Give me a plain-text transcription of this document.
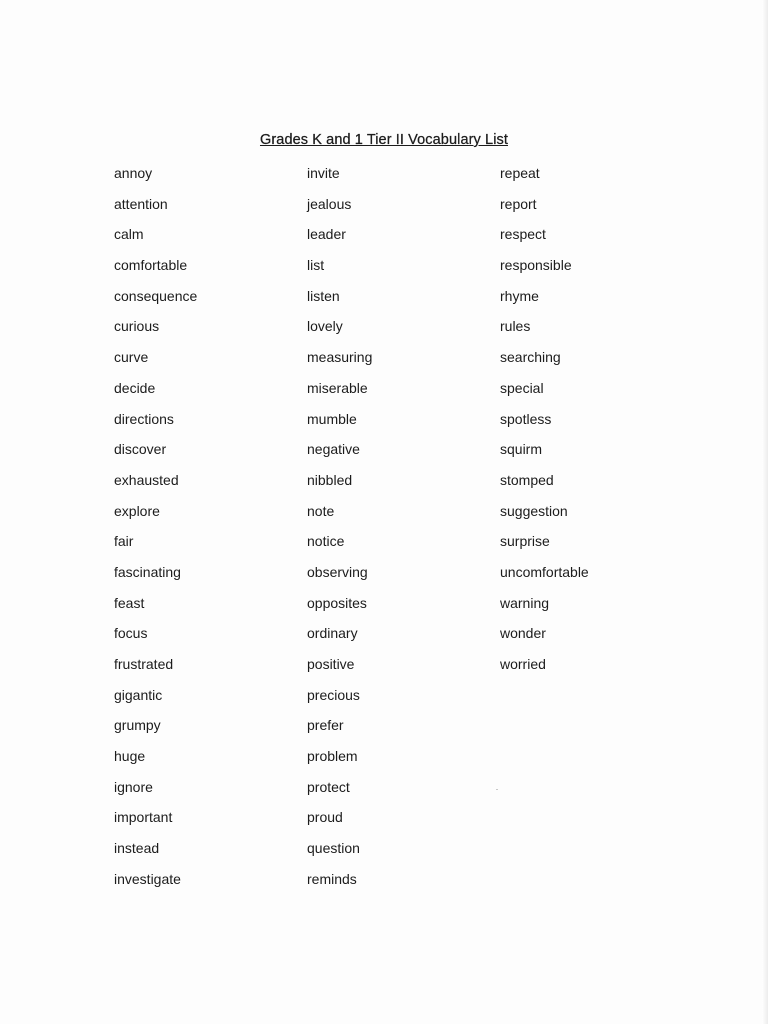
Grades K and 1 Tier II Vocabulary List
annoy
attention
calm
comfortable
consequence
curious
curve
decide
directions
discover
exhausted
explore
fair
fascinating
feast
focus
frustrated
gigantic
grumpy
huge
ignore
important
instead
investigate
invite
jealous
leader
list
listen
lovely
measuring
miserable
mumble
negative
nibbled
note
notice
observing
opposites
ordinary
positive
precious
prefer
problem
protect
proud
question
reminds
repeat
report
respect
responsible
rhyme
rules
searching
special
spotless
squirm
stomped
suggestion
surprise
uncomfortable
warning
wonder
worried
